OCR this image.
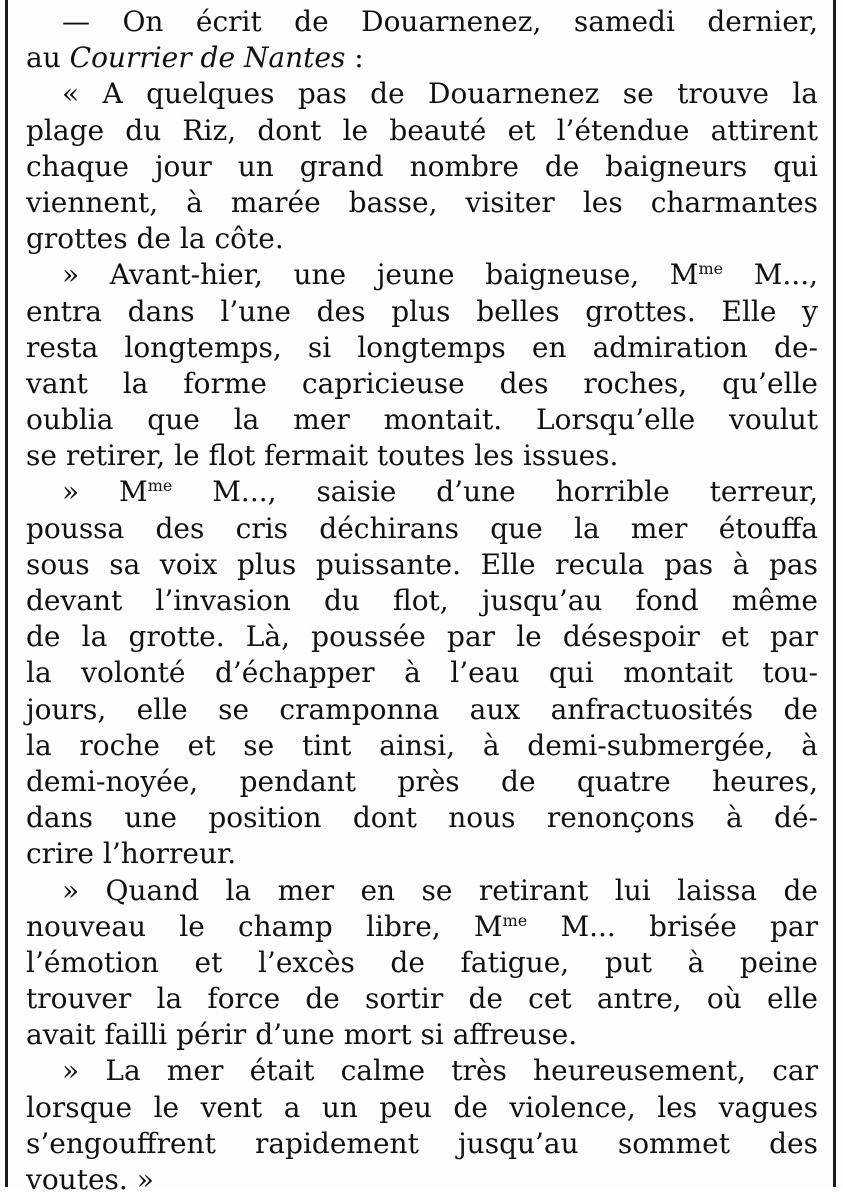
— On écrit de Douarnenez, samedi dernier,
au Courrier de Nantes :
« A quelques pas de Douarnenez se trouve la
plage du Riz, dont le beauté et l’étendue attirent
chaque jour un grand nombre de baigneurs qui
viennent, à marée basse, visiter les charmantes
grottes de la côte.
» Avant-hier, une jeune baigneuse, $M^{me}$ M...,
entra dans l’une des plus belles grottes. Elle y
resta longtemps, si longtemps en admiration de-
vant la forme capricieuse des roches, qu’elle
oublia que la mer montait. Lorsqu’elle voulut
se retirer, le flot fermait toutes les issues.
» $M^{me}$ M..., saisie d’une horrible terreur,
poussa des cris déchirans que la mer étouffa
sous sa voix plus puissante. Elle recula pas à pas
devant l’invasion du flot, jusqu’au fond même
de la grotte. Là, poussée par le désespoir et par
la volonté d’échapper à l’eau qui montait tou-
jours, elle se cramponna aux anfractuosités de
la roche et se tint ainsi, à demi-submergée, à
demi-noyée, pendant près de quatre heures,
dans une position dont nous renonçons à dé-
crire l’horreur.
» Quand la mer en se retirant lui laissa de
nouveau le champ libre, $M^{me}$ M... brisée par
l’émotion et l’excès de fatigue, put à peine
trouver la force de sortir de cet antre, où elle
avait failli périr d’une mort si affreuse.
» La mer était calme très heureusement, car
lorsque le vent a un peu de violence, les vagues
s’engouffrent rapidement jusqu’au sommet des
voutes. »
